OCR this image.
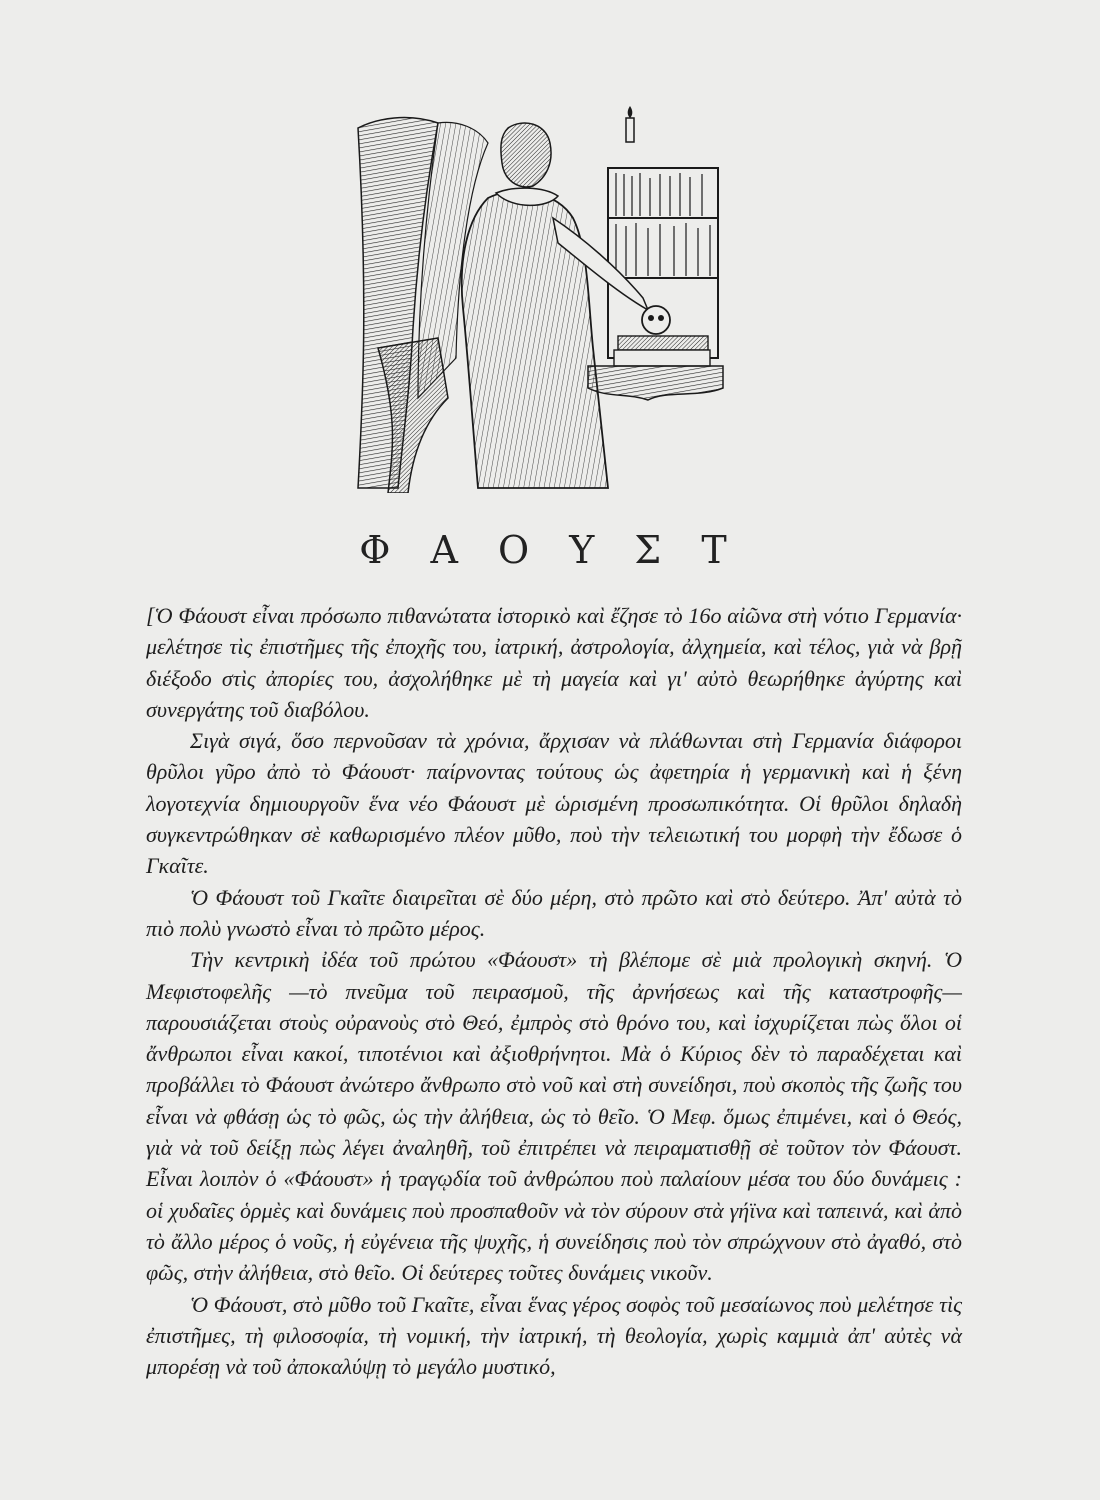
Φ Α Ο Υ Σ Τ

[Ὁ Φάουστ εἶναι πρόσωπο πιθανώτατα ἱστορικὸ καὶ ἔζησε τὸ 16ο αἰῶνα στὴ νότιο Γερμανία· μελέτησε τὶς ἐπιστῆμες τῆς ἐποχῆς του, ἰατρική, ἀστρολογία, ἀλχημεία, καὶ τέλος, γιὰ νὰ βρῇ διέξοδο στὶς ἀπορίες του, ἀσχολήθηκε μὲ τὴ μαγεία καὶ γι' αὐτὸ θεωρήθηκε ἀγύρτης καὶ συνεργάτης τοῦ διαβόλου.

Σιγὰ σιγά, ὅσο περνοῦσαν τὰ χρόνια, ἄρχισαν νὰ πλάθωνται στὴ Γερμανία διάφοροι θρῦλοι γῦρο ἀπὸ τὸ Φάουστ· παίρνοντας τούτους ὡς ἀφετηρία ἡ γερμανικὴ καὶ ἡ ξένη λογοτεχνία δημιουργοῦν ἕνα νέο Φάουστ μὲ ὡρισμένη προσωπικότητα. Οἱ θρῦλοι δηλαδὴ συγκεντρώθηκαν σὲ καθωρισμένο πλέον μῦθο, ποὺ τὴν τελειωτική του μορφὴ τὴν ἔδωσε ὁ Γκαῖτε.

Ὁ Φάουστ τοῦ Γκαῖτε διαιρεῖται σὲ δύο μέρη, στὸ πρῶτο καὶ στὸ δεύτερο. Ἀπ' αὐτὰ τὸ πιὸ πολὺ γνωστὸ εἶναι τὸ πρῶτο μέρος.

Τὴν κεντρικὴ ἰδέα τοῦ πρώτου «Φάουστ» τὴ βλέπομε σὲ μιὰ προλογικὴ σκηνή. Ὁ Μεφιστοφελῆς —τὸ πνεῦμα τοῦ πειρασμοῦ, τῆς ἀρνήσεως καὶ τῆς καταστροφῆς—παρουσιάζεται στοὺς οὐρανοὺς στὸ Θεό, ἐμπρὸς στὸ θρόνο του, καὶ ἰσχυρίζεται πὼς ὅλοι οἱ ἄνθρωποι εἶναι κακοί, τιποτένιοι καὶ ἀξιοθρήνητοι. Μὰ ὁ Κύριος δὲν τὸ παραδέχεται καὶ προβάλλει τὸ Φάουστ ἀνώτερο ἄνθρωπο στὸ νοῦ καὶ στὴ συνείδησι, ποὺ σκοπὸς τῆς ζωῆς του εἶναι νὰ φθάσῃ ὡς τὸ φῶς, ὡς τὴν ἀλήθεια, ὡς τὸ θεῖο. Ὁ Μεφ. ὅμως ἐπιμένει, καὶ ὁ Θεός, γιὰ νὰ τοῦ δείξῃ πὼς λέγει ἀναληθῆ, τοῦ ἐπιτρέπει νὰ πειραματισθῇ σὲ τοῦτον τὸν Φάουστ. Εἶναι λοιπὸν ὁ «Φάουστ» ἡ τραγῳδία τοῦ ἀνθρώπου ποὺ παλαίουν μέσα του δύο δυνάμεις : οἱ χυδαῖες ὁρμὲς καὶ δυνάμεις ποὺ προσπαθοῦν νὰ τὸν σύρουν στὰ γήϊνα καὶ ταπεινά, καὶ ἀπὸ τὸ ἄλλο μέρος ὁ νοῦς, ἡ εὐγένεια τῆς ψυχῆς, ἡ συνείδησις ποὺ τὸν σπρώχνουν στὸ ἀγαθό, στὸ φῶς, στὴν ἀλήθεια, στὸ θεῖο. Οἱ δεύτερες τοῦτες δυνάμεις νικοῦν.

Ὁ Φάουστ, στὸ μῦθο τοῦ Γκαῖτε, εἶναι ἕνας γέρος σοφὸς τοῦ μεσαίωνος ποὺ μελέτησε τὶς ἐπιστῆμες, τὴ φιλοσοφία, τὴ νομική, τὴν ἰατρική, τὴ θεολογία, χωρὶς καμμιὰ ἀπ' αὐτὲς νὰ μπορέσῃ νὰ τοῦ ἀποκαλύψῃ τὸ μεγάλο μυστικό,
